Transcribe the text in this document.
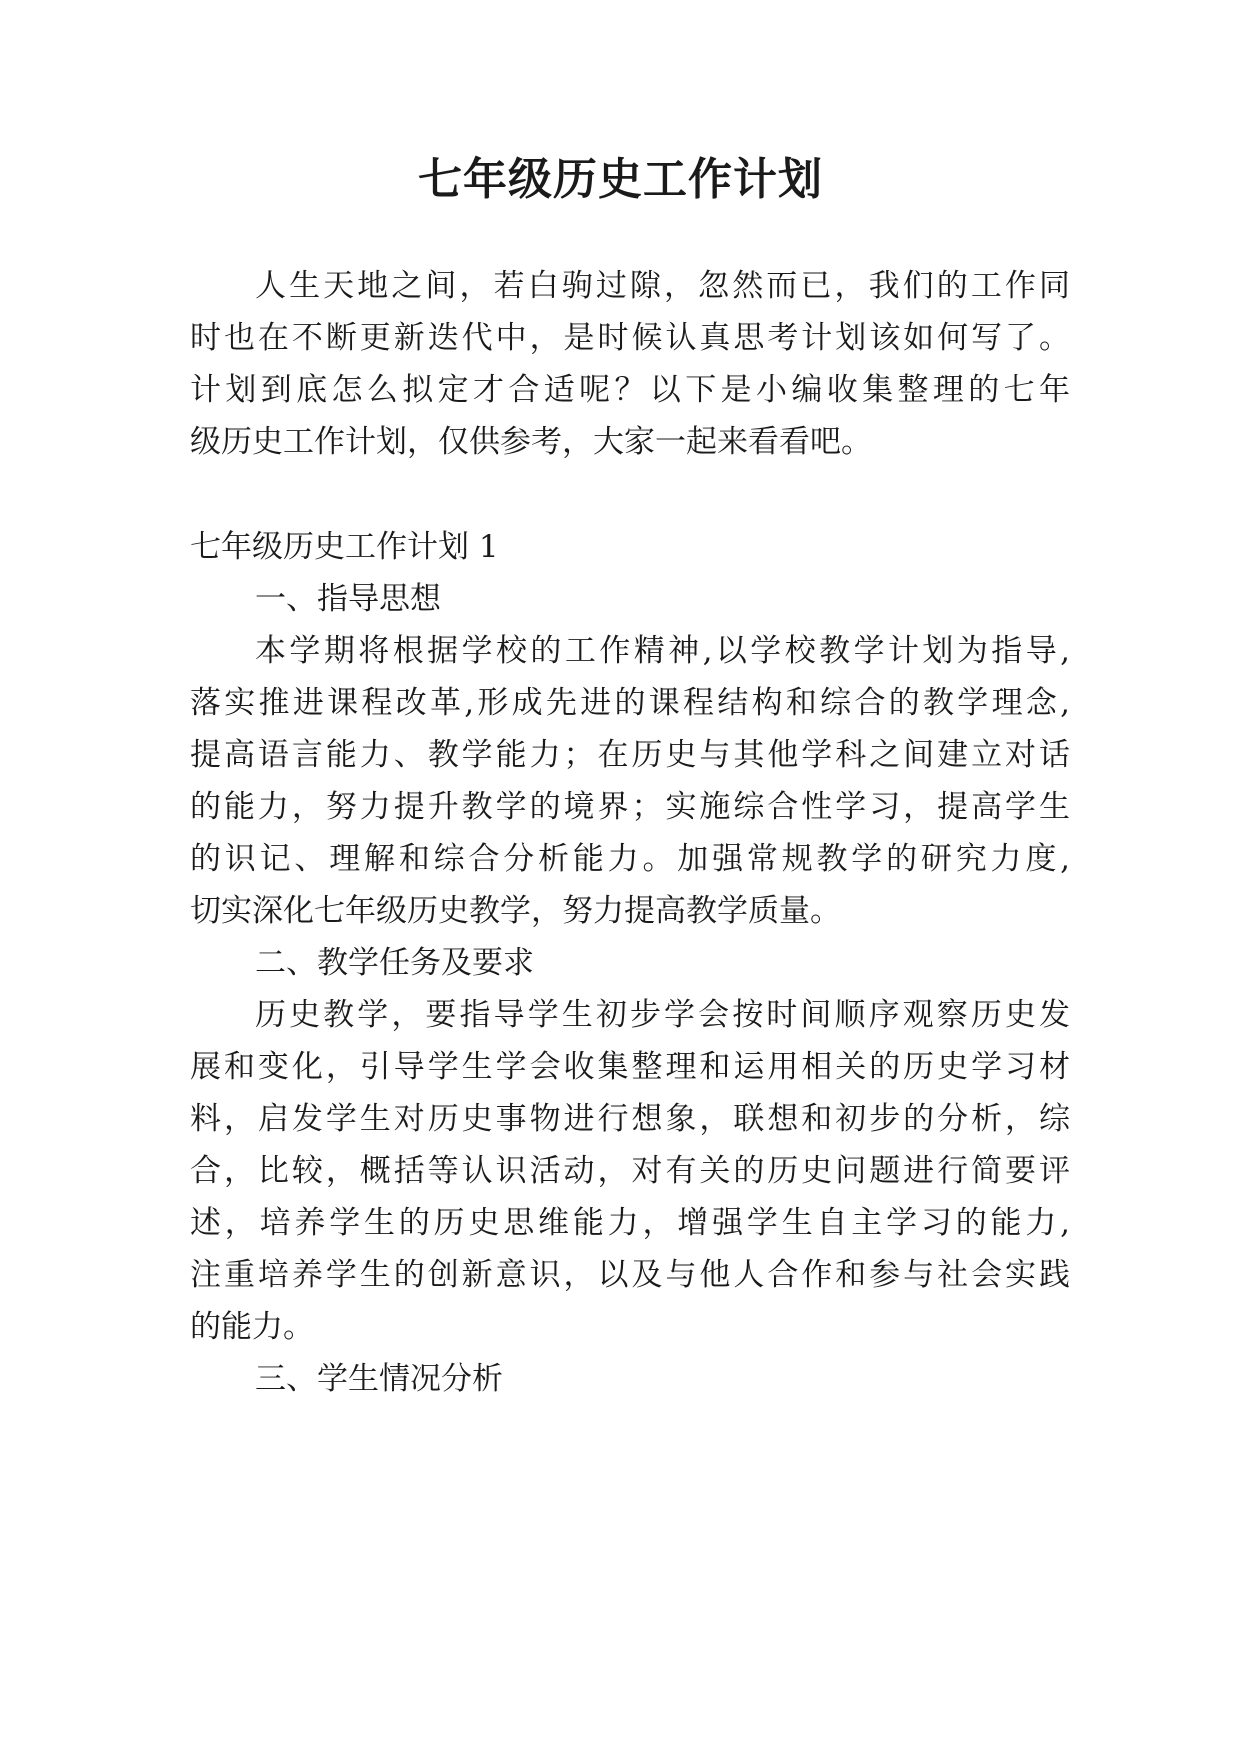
七年级历史工作计划

人生天地之间，若白驹过隙，忽然而已，我们的工作同

时也在不断更新迭代中，是时候认真思考计划该如何写了。

计划到底怎么拟定才合适呢？以下是小编收集整理的七年

级历史工作计划，仅供参考，大家一起来看看吧。

七年级历史工作计划 1

一、指导思想

本学期将根据学校的工作精神,以学校教学计划为指导,

落实推进课程改革,形成先进的课程结构和综合的教学理念,

提高语言能力、教学能力；在历史与其他学科之间建立对话

的能力，努力提升教学的境界；实施综合性学习，提高学生

的识记、理解和综合分析能力。加强常规教学的研究力度,

切实深化七年级历史教学，努力提高教学质量。

二、教学任务及要求

历史教学，要指导学生初步学会按时间顺序观察历史发

展和变化，引导学生学会收集整理和运用相关的历史学习材

料，启发学生对历史事物进行想象，联想和初步的分析，综

合，比较，概括等认识活动，对有关的历史问题进行简要评

述，培养学生的历史思维能力，增强学生自主学习的能力,

注重培养学生的创新意识，以及与他人合作和参与社会实践

的能力。

三、学生情况分析
